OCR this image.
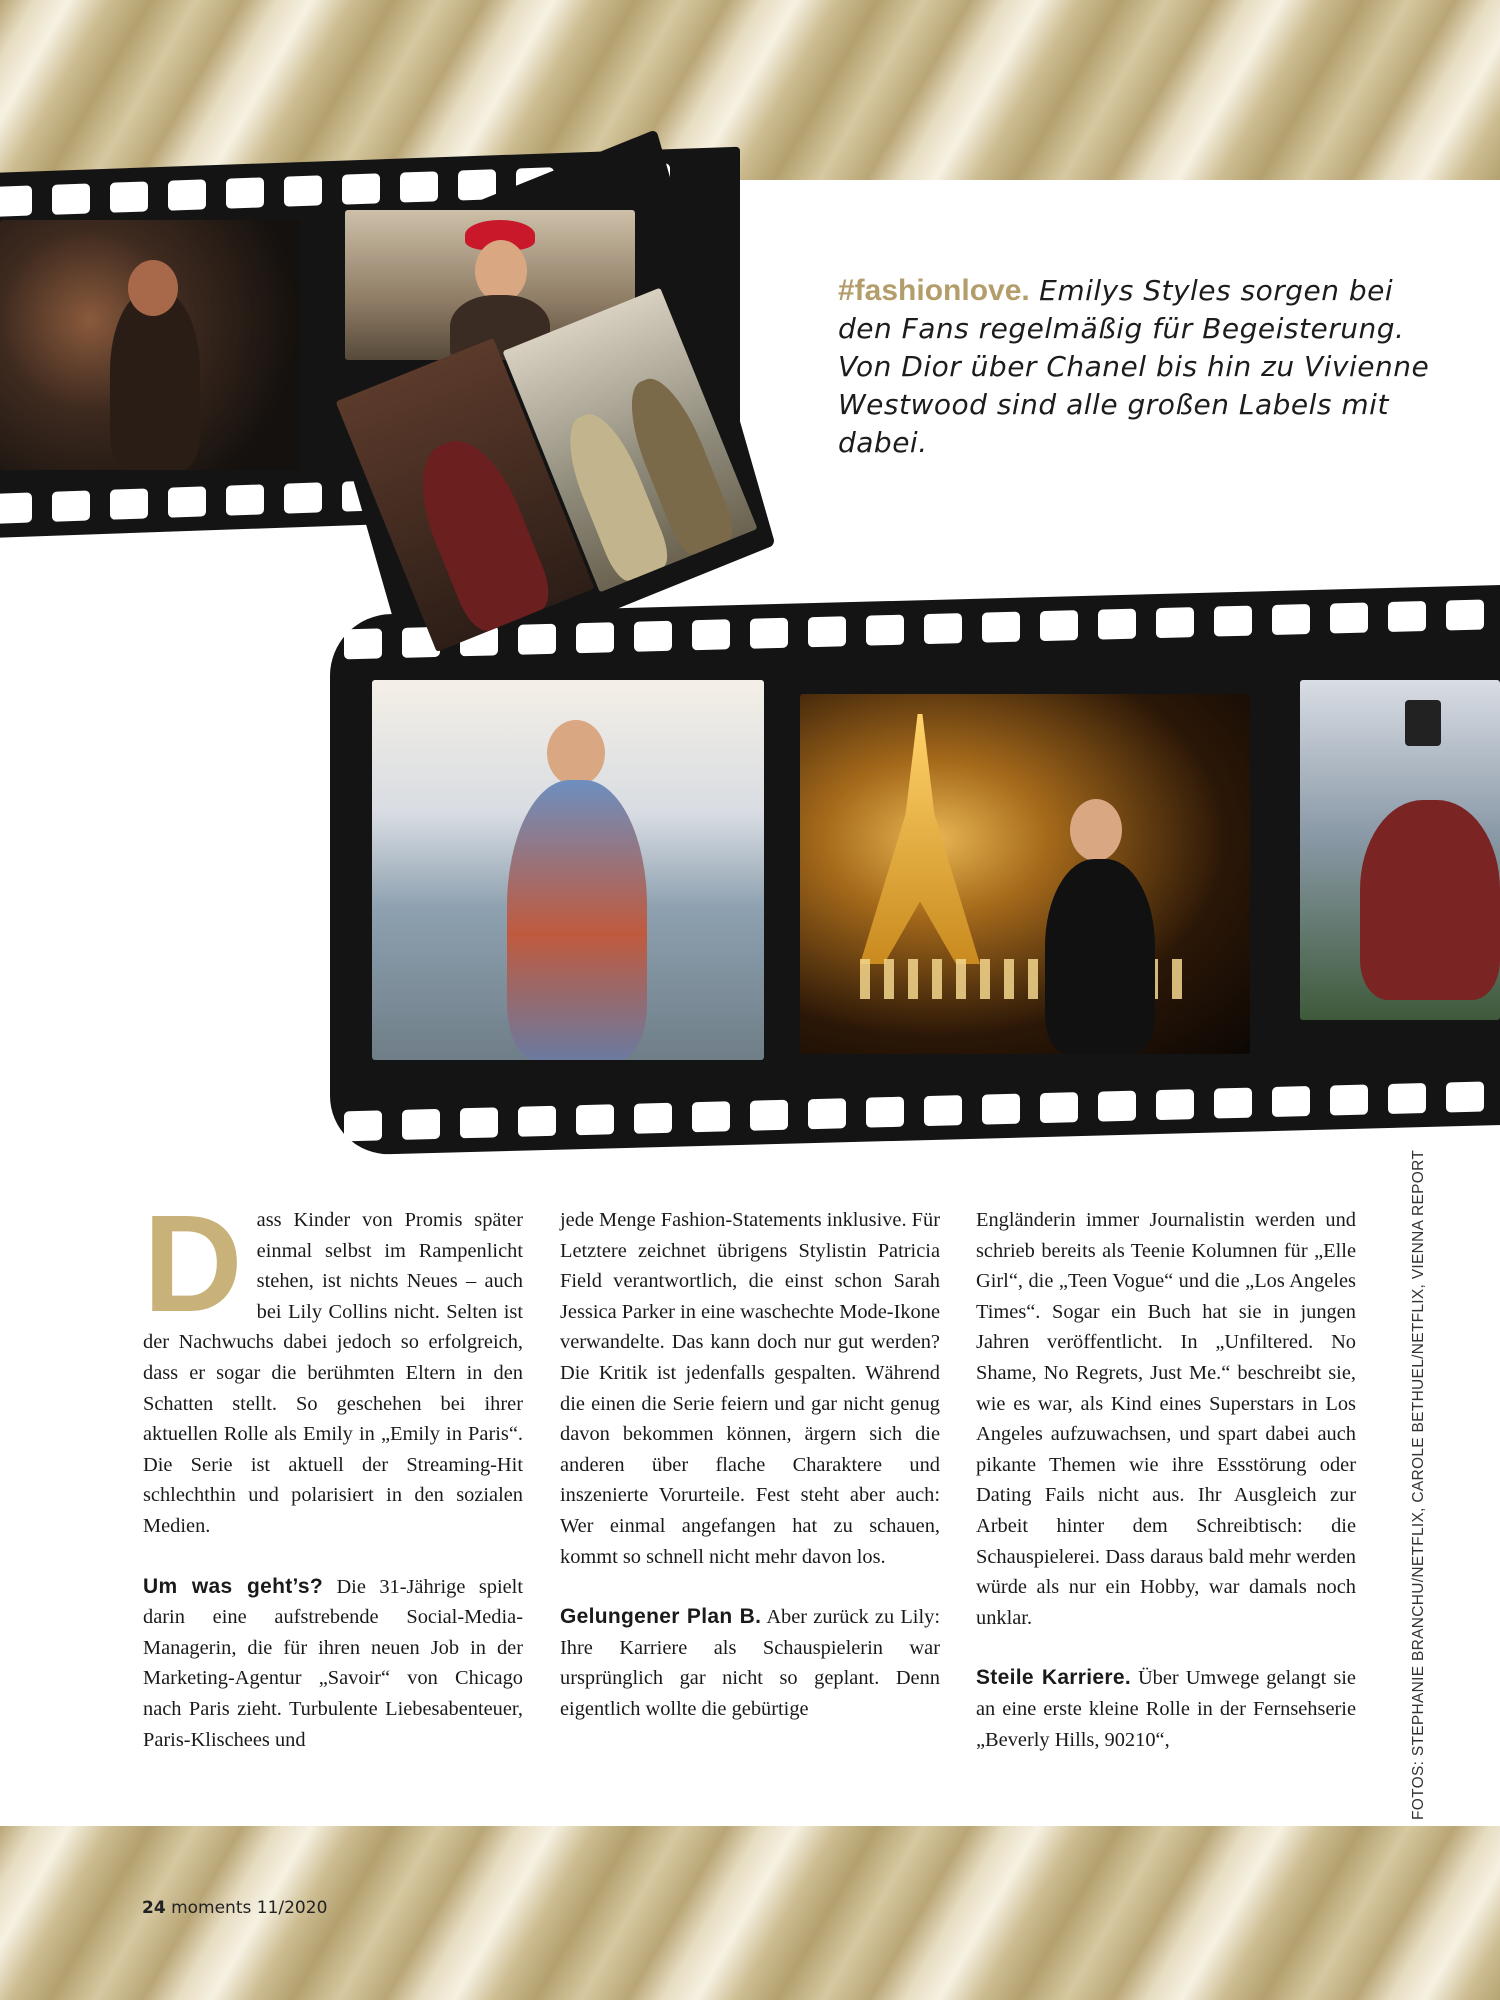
#fashionlove. Emilys Styles sorgen bei den Fans regelmäßig für Begeisterung. Von Dior über Chanel bis hin zu Vivienne Westwood sind alle großen Labels mit dabei.
FOTOS: STEPHANIE BRANCHU/NETFLIX, CAROLE BETHUEL/NETFLIX, VIENNA REPORT
D ass Kinder von Promis später einmal selbst im Rampenlicht stehen, ist nichts Neues – auch bei Lily Collins nicht. Selten ist der Nachwuchs dabei jedoch so erfolgreich, dass er sogar die berühmten Eltern in den Schatten stellt. So geschehen bei ihrer aktuellen Rolle als Emily in „Emily in Paris“. Die Serie ist aktuell der Streaming-Hit schlechthin und polarisiert in den sozialen Medien.

Um was geht’s? Die 31-Jährige spielt darin eine aufstrebende Social-Media-Managerin, die für ihren neuen Job in der Marketing-Agentur „Savoir“ von Chicago nach Paris zieht. Turbulente Liebesabenteuer, Paris-Klischees und

jede Menge Fashion-Statements inklusive. Für Letztere zeichnet übrigens Stylistin Patricia Field verantwortlich, die einst schon Sarah Jessica Parker in eine waschechte Mode-Ikone verwandelte. Das kann doch nur gut werden? Die Kritik ist jedenfalls gespalten. Während die einen die Serie feiern und gar nicht genug davon bekommen können, ärgern sich die anderen über flache Charaktere und inszenierte Vorurteile. Fest steht aber auch: Wer einmal angefangen hat zu schauen, kommt so schnell nicht mehr davon los.

Gelungener Plan B. Aber zurück zu Lily: Ihre Karriere als Schauspielerin war ursprünglich gar nicht so geplant. Denn eigentlich wollte die gebürtige

Engländerin immer Journalistin werden und schrieb bereits als Teenie Kolumnen für „Elle Girl“, die „Teen Vogue“ und die „Los Angeles Times“. Sogar ein Buch hat sie in jungen Jahren veröffentlicht. In „Unfiltered. No Shame, No Regrets, Just Me.“ beschreibt sie, wie es war, als Kind eines Superstars in Los Angeles aufzuwachsen, und spart dabei auch pikante Themen wie ihre Essstörung oder Dating Fails nicht aus. Ihr Ausgleich zur Arbeit hinter dem Schreibtisch: die Schauspielerei. Dass daraus bald mehr werden würde als nur ein Hobby, war damals noch unklar.

Steile Karriere. Über Umwege gelangt sie an eine erste kleine Rolle in der Fernsehserie „Beverly Hills, 90210“,

24 moments 11/2020
